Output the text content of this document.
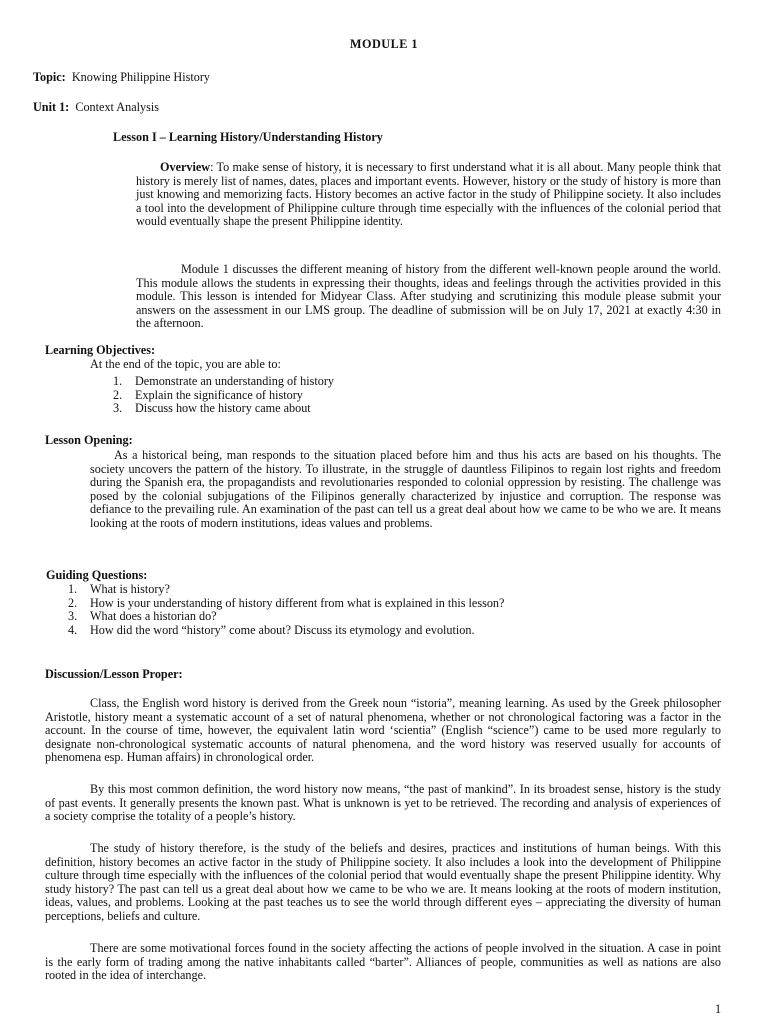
MODULE 1
Topic: Knowing Philippine History
Unit 1: Context Analysis
Lesson I – Learning History/Understanding History

Overview: To make sense of history, it is necessary to first understand what it is all about. Many people think that history is merely list of names, dates, places and important events. However, history or the study of history is more than just knowing and memorizing facts. History becomes an active factor in the study of Philippine society. It also includes a tool into the development of Philippine culture through time especially with the influences of the colonial period that would eventually shape the present Philippine identity.

Module 1 discusses the different meaning of history from the different well-known people around the world. This module allows the students in expressing their thoughts, ideas and feelings through the activities provided in this module. This lesson is intended for Midyear Class. After studying and scrutinizing this module please submit your answers on the assessment in our LMS group. The deadline of submission will be on July 17, 2021 at exactly 4:30 in the afternoon.

Learning Objectives:
At the end of the topic, you are able to:
1. Demonstrate an understanding of history
2. Explain the significance of history
3. Discuss how the history came about
Lesson Opening:

As a historical being, man responds to the situation placed before him and thus his acts are based on his thoughts. The society uncovers the pattern of the history. To illustrate, in the struggle of dauntless Filipinos to regain lost rights and freedom during the Spanish era, the propagandists and revolutionaries responded to colonial oppression by resisting. The challenge was posed by the colonial subjugations of the Filipinos generally characterized by injustice and corruption. The response was defiance to the prevailing rule. An examination of the past can tell us a great deal about how we came to be who we are. It means looking at the roots of modern institutions, ideas values and problems.

Guiding Questions:
1. What is history?
2. How is your understanding of history different from what is explained in this lesson?
3. What does a historian do?
4. How did the word “history” come about? Discuss its etymology and evolution.
Discussion/Lesson Proper:

Class, the English word history is derived from the Greek noun “istoria”, meaning learning. As used by the Greek philosopher Aristotle, history meant a systematic account of a set of natural phenomena, whether or not chronological factoring was a factor in the account. In the course of time, however, the equivalent latin word ‘scientia” (English “science”) came to be used more regularly to designate non-chronological systematic accounts of natural phenomena, and the word history was reserved usually for accounts of phenomena esp. Human affairs) in chronological order.

By this most common definition, the word history now means, “the past of mankind”. In its broadest sense, history is the study of past events. It generally presents the known past. What is unknown is yet to be retrieved. The recording and analysis of experiences of a society comprise the totality of a people’s history.

The study of history therefore, is the study of the beliefs and desires, practices and institutions of human beings. With this definition, history becomes an active factor in the study of Philippine society. It also includes a look into the development of Philippine culture through time especially with the influences of the colonial period that would eventually shape the present Philippine identity. Why study history? The past can tell us a great deal about how we came to be who we are. It means looking at the roots of modern institution, ideas, values, and problems. Looking at the past teaches us to see the world through different eyes – appreciating the diversity of human perceptions, beliefs and culture.

There are some motivational forces found in the society affecting the actions of people involved in the situation. A case in point is the early form of trading among the native inhabitants called “barter”. Alliances of people, communities as well as nations are also rooted in the idea of interchange.

1
